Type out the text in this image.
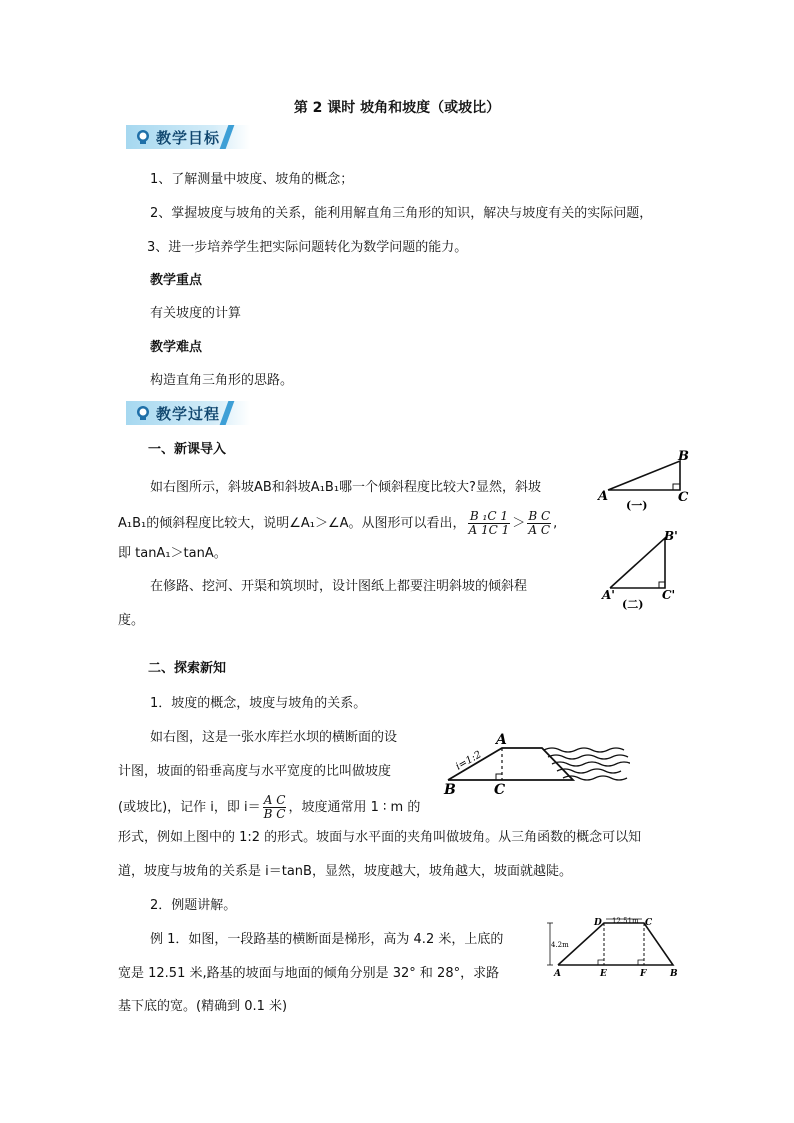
第 2 课时 坡角和坡度（或坡比）
教学目标
1、了解测量中坡度、坡角的概念；
2、掌握坡度与坡角的关系，能利用解直角三角形的知识，解决与坡度有关的实际问题，
3、进一步培养学生把实际问题转化为数学问题的能力。
教学重点
有关坡度的计算
教学难点
构造直角三角形的思路。
教学过程
一、新课导入
如右图所示，斜坡AB和斜坡A₁B₁哪一个倾斜程度比较大?显然，斜坡
A₁B₁的倾斜程度比较大，说明∠A₁＞∠A。从图形可以看出， $\frac{\text{B ₁C 1}}{A 1C 1} > \frac{\text{B C}}{\text{A C}}$ ,
即 tanA₁＞tanA。
在修路、挖河、开渠和筑坝时，设计图纸上都要注明斜坡的倾斜程
度。
A
B
C
(一)
A'
B'
C'
(二)
二、探索新知
1．坡度的概念，坡度与坡角的关系。
如右图，这是一张水库拦水坝的横断面的设
计图，坡面的铅垂高度与水平宽度的比叫做坡度
(或坡比)，记作 i，即 $i= \frac{\text{A C}}{\text{B C}}$ ，坡度通常用 1 ∶ m 的
形式，例如上图中的 1:2 的形式。坡面与水平面的夹角叫做坡角。从三角函数的概念可以知
道，坡度与坡角的关系是 i＝tanB，显然，坡度越大，坡角越大，坡面就越陡。
A
B	C
i=1:2
2．例题讲解。
例 1．如图，一段路基的横断面是梯形，高为 4.2 米，上底的
宽是 12.51 米,路基的坡面与地面的倾角分别是 32° 和 28°，求路
基下底的宽。(精确到 0.1 米)
4.2m
12.51m
D	C
A	E	F	B
